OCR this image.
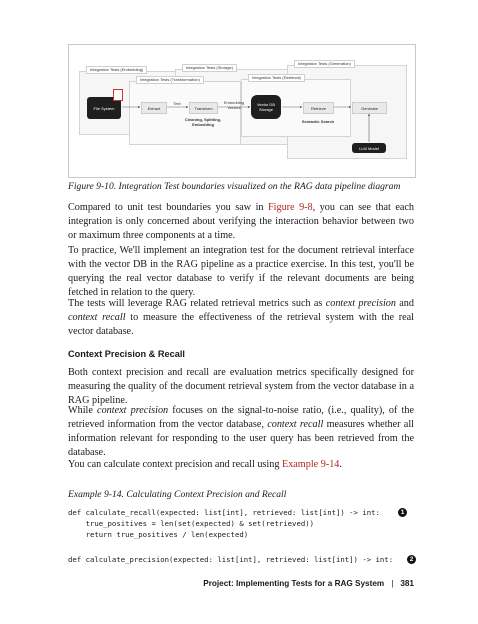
Integration Tests (Embedding)	Integration Tests (Storage)
Integration Tests (Generation)
Integration Tests (Transformation)	Integration Tests (Retrieval)
File System	Extract
Text
Transform
Cleaning, Splitting, Embedding
Embedding Vectors
Vector DB Storage	Retrieve
Semantic Search
Generate
LLM Model
Figure 9-10. Integration Test boundaries visualized on the RAG data pipeline diagram
Compared to unit test boundaries you saw in Figure 9-8, you can see that each integration is only concerned about verifying the interaction behavior between two or maximum three components at a time.
To practice, We'll implement an integration test for the document retrieval interface with the vector DB in the RAG pipeline as a practice exercise. In this test, you'll be querying the real vector database to verify if the relevant documents are being fetched in relation to the query.
The tests will leverage RAG related retrieval metrics such as context precision and context recall to measure the effectiveness of the retrieval system with the real vector database.
Context Precision & Recall
Both context precision and recall are evaluation metrics specifically designed for measuring the quality of the document retrieval system from the vector database in a RAG pipeline.
While context precision focuses on the signal-to-noise ratio, (i.e., quality), of the retrieved information from the vector database, context recall measures whether all information relevant for responding to the user query has been retrieved from the database.
You can calculate context precision and recall using Example 9-14.
Example 9-14. Calculating Context Precision and Recall
def calculate_recall(expected: list[int], retrieved: list[int]) -> int:
true_positives = len(set(expected) & set(retrieved))
return true_positives / len(expected)
1
def calculate_precision(expected: list[int], retrieved: list[int]) -> int:	2
Project: Implementing Tests for a RAG System | 381
